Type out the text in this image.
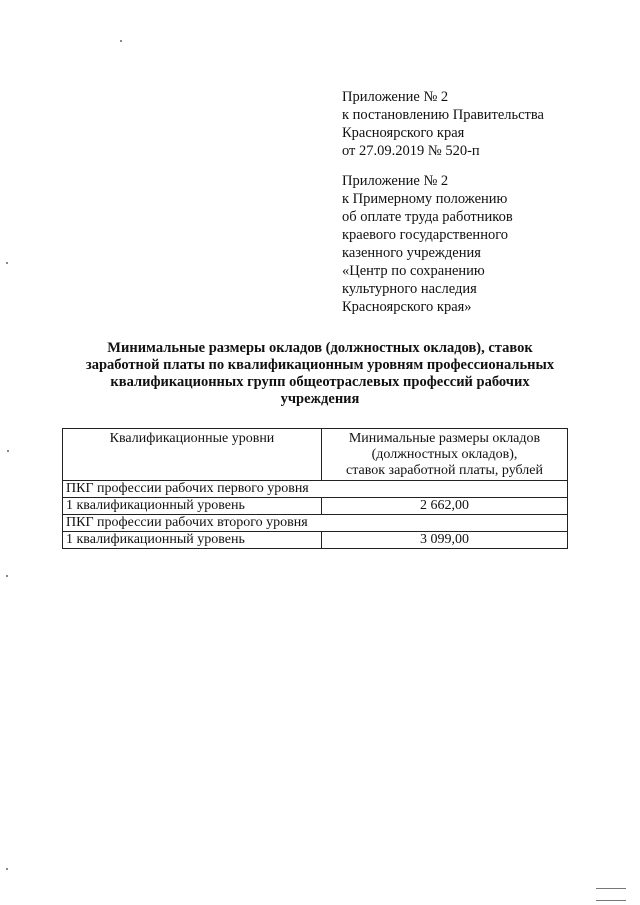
Приложение № 2
к постановлению Правительства
Красноярского края
от 27.09.2019 № 520-п
Приложение № 2
к Примерному положению
об оплате труда работников
краевого государственного
казенного учреждения
«Центр по сохранению
культурного наследия
Красноярского края»
Минимальные размеры окладов (должностных окладов), ставок
заработной платы по квалификационным уровням профессиональных
квалификационных групп общеотраслевых профессий рабочих
учреждения
Квалификационные уровни	Минимальные размеры окладов
(должностных окладов),
ставок заработной платы, рублей

ПКГ профессии рабочих первого уровня	
1 квалификационный уровень	2 662,00
ПКГ профессии рабочих второго уровня	
1 квалификационный уровень	3 099,00
